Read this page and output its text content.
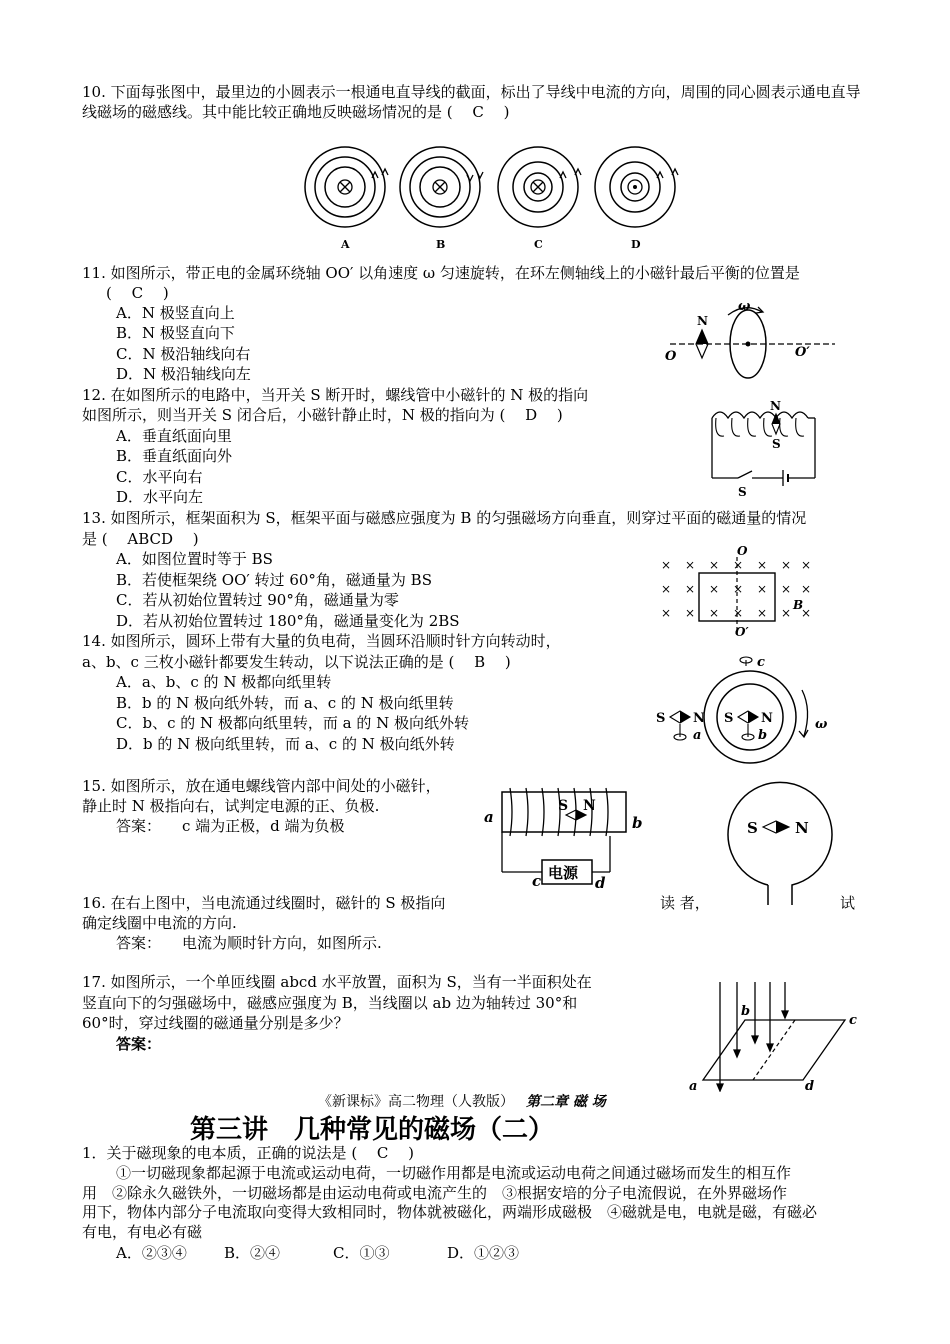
10. 下面每张图中，最里边的小圆表示一根通电直导线的截面，标出了导线中电流的方向，周围的同心圆表示通电直导线磁场的磁感线。其中能比较正确地反映磁场情况的是 (　 C　 )
A	B	C	D
11. 如图所示，带正电的金属环绕轴 OO′ 以角速度 ω 匀速旋转，在环左侧轴线上的小磁针最后平衡的位置是
(　 C　 )
A．N 极竖直向上
B．N 极竖直向下
C．N 极沿轴线向右
D．N 极沿轴线向左
ω
N
O	O′
12. 在如图所示的电路中，当开关 S 断开时，螺线管中小磁针的 N 极的指向
如图所示，则当开关 S 闭合后，小磁针静止时，N 极的指向为 (　 D　 )
A．垂直纸面向里
B．垂直纸面向外
C．水平向右
D．水平向左
N
S
S
13. 如图所示，框架面积为 S，框架平面与磁感应强度为 B 的匀强磁场方向垂直，则穿过平面的磁通量的情况
是 (　 ABCD　 )
A．如图位置时等于 BS
B．若使框架绕 OO′ 转过 60°角，磁通量为 BS
C．若从初始位置转过 90°角，磁通量为零
D．若从初始位置转过 180°角，磁通量变化为 2BS
× × × × × × ×
× × × × × × ×
× × × × × × ×
O
O′
B
14. 如图所示，圆环上带有大量的负电荷，当圆环沿顺时针方向转动时，
a、b、c 三枚小磁针都要发生转动，以下说法正确的是 (　 B　 )
A．a、b、c 的 N 极都向纸里转
B．b 的 N 极向纸外转，而 a、c 的 N 极向纸里转
C．b、c 的 N 极都向纸里转，而 a 的 N 极向纸外转
D．b 的 N 极向纸里转，而 a、c 的 N 极向纸外转
c
S N
a
S N
b
ω
15. 如图所示，放在通电螺线管内部中间处的小磁针，
静止时 N 极指向右，试判定电源的正、负极.
答案： c 端为正极，d 端为负极
S N
a	b
电源
c	d
S N
16. 在右上图中，当电流通过线圈时，磁针的 S 极指向	读 者，	试
确定线圈中电流的方向.
答案： 电流为顺时针方向，如图所示.
17. 如图所示，一个单匝线圈 abcd 水平放置，面积为 S，当有一半面积处在
竖直向下的匀强磁场中，磁感应强度为 B，当线圈以 ab 边为轴转过 30°和
60°时，穿过线圈的磁通量分别是多少？
答案：
b
c
a	d
《新课标》高二物理（人教版） 第二章 磁 场
第三讲　几种常见的磁场（二）
1．关于磁现象的电本质，正确的说法是 (　 C　 )
①一切磁现象都起源于电流或运动电荷，一切磁作用都是电流或运动电荷之间通过磁场而发生的相互作
用　②除永久磁铁外，一切磁场都是由运动电荷或电流产生的　③根据安培的分子电流假说，在外界磁场作
用下，物体内部分子电流取向变得大致相同时，物体就被磁化，两端形成磁极　④磁就是电，电就是磁，有磁必
有电，有电必有磁
A．②③④ B．②④	C．①③	D．①②③
